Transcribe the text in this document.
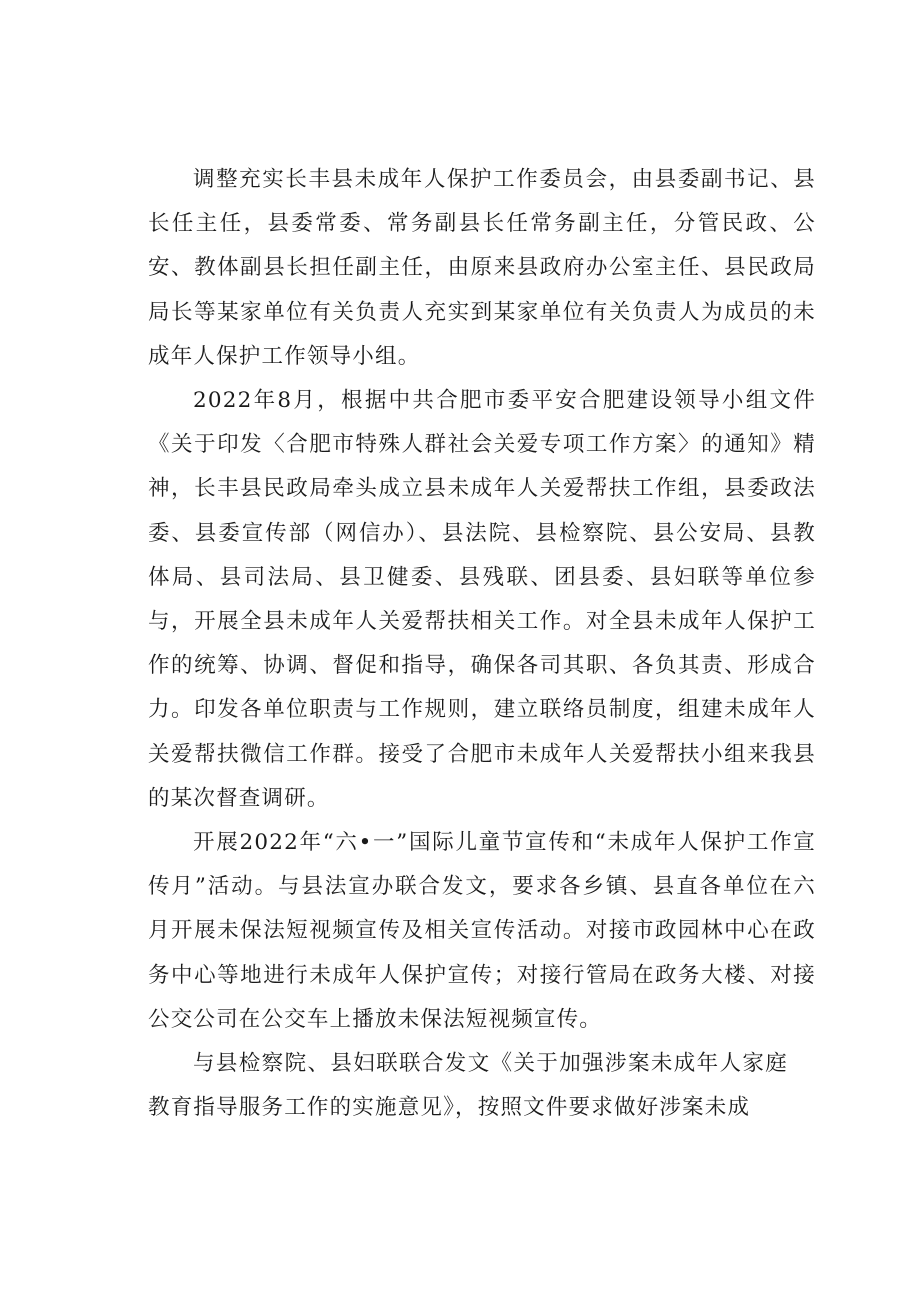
调整充实长丰县未成年人保护工作委员会，由县委副书记、县长任主任，县委常委、常务副县长任常务副主任，分管民政、公安、教体副县长担任副主任，由原来县政府办公室主任、县民政局局长等某家单位有关负责人充实到某家单位有关负责人为成员的未成年人保护工作领导小组。

2022年8月，根据中共合肥市委平安合肥建设领导小组文件《关于印发〈合肥市特殊人群社会关爱专项工作方案〉的通知》精神，长丰县民政局牵头成立县未成年人关爱帮扶工作组，县委政法委、县委宣传部（网信办）、县法院、县检察院、县公安局、县教体局、县司法局、县卫健委、县残联、团县委、县妇联等单位参与，开展全县未成年人关爱帮扶相关工作。对全县未成年人保护工作的统筹、协调、督促和指导，确保各司其职、各负其责、形成合力。印发各单位职责与工作规则，建立联络员制度，组建未成年人关爱帮扶微信工作群。接受了合肥市未成年人关爱帮扶小组来我县的某次督查调研。

开展2022年“六•一”国际儿童节宣传和“未成年人保护工作宣传月”活动。与县法宣办联合发文，要求各乡镇、县直各单位在六月开展未保法短视频宣传及相关宣传活动。对接市政园林中心在政务中心等地进行未成年人保护宣传；对接行管局在政务大楼、对接公交公司在公交车上播放未保法短视频宣传。

与县检察院、县妇联联合发文《关于加强涉案未成年人家庭教育指导服务工作的实施意见》，按照文件要求做好涉案未成
